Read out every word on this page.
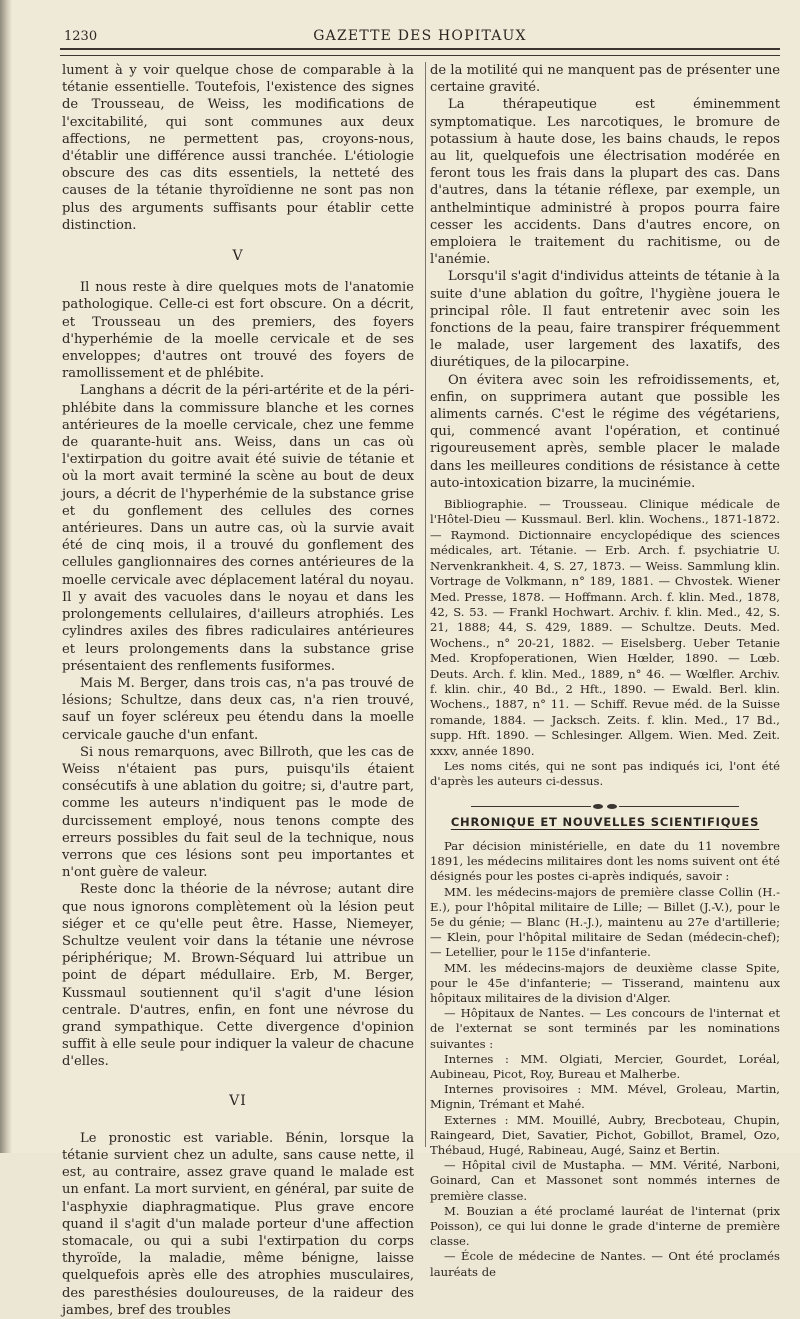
1230	GAZETTE DES HOPITAUX

lument à y voir quelque chose de comparable à la tétanie essentielle. Toutefois, l'existence des signes de Trousseau, de Weiss, les modifications de l'excitabilité, qui sont communes aux deux affections, ne permettent pas, croyons-nous, d'établir une différence aussi tranchée. L'étiologie obscure des cas dits essentiels, la netteté des causes de la tétanie thyroïdienne ne sont pas non plus des arguments suffisants pour établir cette distinction.

V

Il nous reste à dire quelques mots de l'anatomie pathologique. Celle-ci est fort obscure. On a décrit, et Trousseau un des premiers, des foyers d'hyperhémie de la moelle cervicale et de ses enveloppes; d'autres ont trouvé des foyers de ramollissement et de phlébite.

Langhans a décrit de la péri-artérite et de la péri-phlébite dans la commissure blanche et les cornes antérieures de la moelle cervicale, chez une femme de quarante-huit ans. Weiss, dans un cas où l'extirpation du goitre avait été suivie de tétanie et où la mort avait terminé la scène au bout de deux jours, a décrit de l'hyperhémie de la substance grise et du gonflement des cellules des cornes antérieures. Dans un autre cas, où la survie avait été de cinq mois, il a trouvé du gonflement des cellules ganglionnaires des cornes antérieures de la moelle cervicale avec déplacement latéral du noyau. Il y avait des vacuoles dans le noyau et dans les prolongements cellulaires, d'ailleurs atrophiés. Les cylindres axiles des fibres radiculaires antérieures et leurs prolongements dans la substance grise présentaient des renflements fusiformes.

Mais M. Berger, dans trois cas, n'a pas trouvé de lésions; Schultze, dans deux cas, n'a rien trouvé, sauf un foyer scléreux peu étendu dans la moelle cervicale gauche d'un enfant.

Si nous remarquons, avec Billroth, que les cas de Weiss n'étaient pas purs, puisqu'ils étaient consécutifs à une ablation du goitre; si, d'autre part, comme les auteurs n'indiquent pas le mode de durcissement employé, nous tenons compte des erreurs possibles du fait seul de la technique, nous verrons que ces lésions sont peu importantes et n'ont guère de valeur.

Reste donc la théorie de la névrose; autant dire que nous ignorons complètement où la lésion peut siéger et ce qu'elle peut être. Hasse, Niemeyer, Schultze veulent voir dans la tétanie une névrose périphérique; M. Brown-Séquard lui attribue un point de départ médullaire. Erb, M. Berger, Kussmaul soutiennent qu'il s'agit d'une lésion centrale. D'autres, enfin, en font une névrose du grand sympathique. Cette divergence d'opinion suffit à elle seule pour indiquer la valeur de chacune d'elles.

VI

Le pronostic est variable. Bénin, lorsque la tétanie survient chez un adulte, sans cause nette, il est, au contraire, assez grave quand le malade est un enfant. La mort survient, en général, par suite de l'asphyxie diaphragmatique. Plus grave encore quand il s'agit d'un malade porteur d'une affection stomacale, ou qui a subi l'extirpation du corps thyroïde, la maladie, même bénigne, laisse quelquefois après elle des atrophies musculaires, des paresthésies douloureuses, de la raideur des jambes, bref des troubles

de la motilité qui ne manquent pas de présenter une certaine gravité.

La thérapeutique est éminemment symptomatique. Les narcotiques, le bromure de potassium à haute dose, les bains chauds, le repos au lit, quelquefois une électrisation modérée en feront tous les frais dans la plupart des cas. Dans d'autres, dans la tétanie réflexe, par exemple, un anthelmintique administré à propos pourra faire cesser les accidents. Dans d'autres encore, on emploiera le traitement du rachitisme, ou de l'anémie.

Lorsqu'il s'agit d'individus atteints de tétanie à la suite d'une ablation du goître, l'hygiène jouera le principal rôle. Il faut entretenir avec soin les fonctions de la peau, faire transpirer fréquemment le malade, user largement des laxatifs, des diurétiques, de la pilocarpine.

On évitera avec soin les refroidissements, et, enfin, on supprimera autant que possible les aliments carnés. C'est le régime des végétariens, qui, commencé avant l'opération, et continué rigoureusement après, semble placer le malade dans les meilleures conditions de résistance à cette auto-intoxication bizarre, la mucinémie.

Bibliographie. — Trousseau. Clinique médicale de l'Hôtel-Dieu — Kussmaul. Berl. klin. Wochens., 1871-1872. — Raymond. Dictionnaire encyclopédique des sciences médicales, art. Tétanie. — Erb. Arch. f. psychiatrie U. Nervenkrankheit. 4, S. 27, 1873. — Weiss. Sammlung klin. Vortrage de Volkmann, n° 189, 1881. — Chvostek. Wiener Med. Presse, 1878. — Hoffmann. Arch. f. klin. Med., 1878, 42, S. 53. — Frankl Hochwart. Archiv. f. klin. Med., 42, S. 21, 1888; 44, S. 429, 1889. — Schultze. Deuts. Med. Wochens., n° 20-21, 1882. — Eiselsberg. Ueber Tetanie Med. Kropfoperationen, Wien Hœlder, 1890. — Lœb. Deuts. Arch. f. klin. Med., 1889, n° 46. — Wœlfler. Archiv. f. klin. chir., 40 Bd., 2 Hft., 1890. — Ewald. Berl. klin. Wochens., 1887, n° 11. — Schiff. Revue méd. de la Suisse romande, 1884. — Jacksch. Zeits. f. klin. Med., 17 Bd., supp. Hft. 1890. — Schlesinger. Allgem. Wien. Med. Zeit. xxxv, année 1890.

Les noms cités, qui ne sont pas indiqués ici, l'ont été d'après les auteurs ci-dessus.

CHRONIQUE ET NOUVELLES SCIENTIFIQUES

Par décision ministérielle, en date du 11 novembre 1891, les médecins militaires dont les noms suivent ont été désignés pour les postes ci-après indiqués, savoir :

MM. les médecins-majors de première classe Collin (H.-E.), pour l'hôpital militaire de Lille; — Billet (J.-V.), pour le 5e du génie; — Blanc (H.-J.), maintenu au 27e d'artillerie; — Klein, pour l'hôpital militaire de Sedan (médecin-chef); — Letellier, pour le 115e d'infanterie.

MM. les médecins-majors de deuxième classe Spite, pour le 45e d'infanterie; — Tisserand, maintenu aux hôpitaux militaires de la division d'Alger.

— Hôpitaux de Nantes. — Les concours de l'internat et de l'externat se sont terminés par les nominations suivantes :

Internes : MM. Olgiati, Mercier, Gourdet, Loréal, Aubineau, Picot, Roy, Bureau et Malherbe.

Internes provisoires : MM. Mével, Groleau, Martin, Mignin, Trémant et Mahé.

Externes : MM. Mouillé, Aubry, Brecboteau, Chupin, Raingeard, Diet, Savatier, Pichot, Gobillot, Bramel, Ozo, Thébaud, Hugé, Rabineau, Augé, Sainz et Bertin.

— Hôpital civil de Mustapha. — MM. Vérité, Narboni, Goinard, Can et Massonet sont nommés internes de première classe.

M. Bouzian a été proclamé lauréat de l'internat (prix Poisson), ce qui lui donne le grade d'interne de première classe.

— École de médecine de Nantes. — Ont été proclamés lauréats de
